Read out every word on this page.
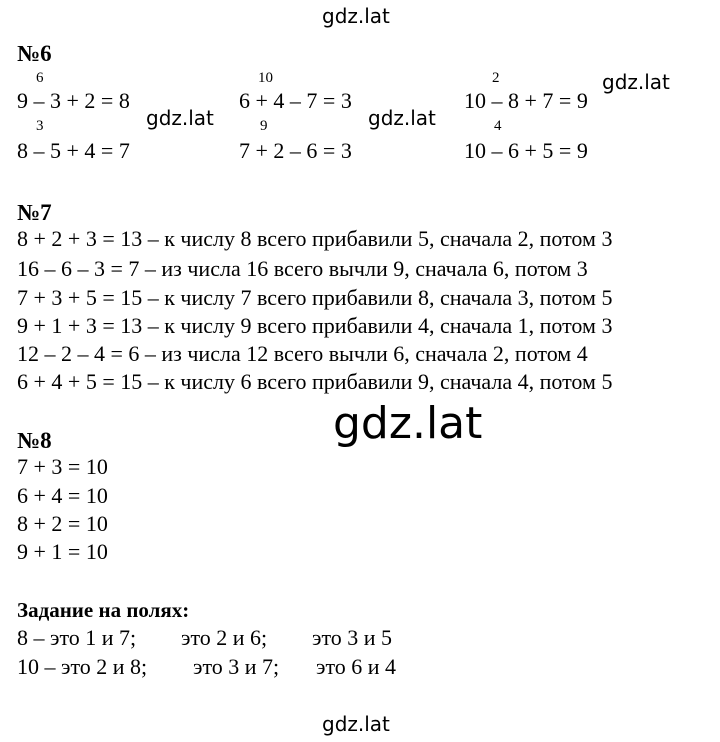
gdz.lat
gdz.lat
gdz.lat	gdz.lat
gdz.lat
gdz.lat
№6
6
9 – 3 + 2 = 8
10
6 + 4 – 7 = 3
2
10 – 8 + 7 = 9
3
8 – 5 + 4 = 7
9
7 + 2 – 6 = 3
4
10 – 6 + 5 = 9
№7
8 + 2 + 3 = 13 – к числу 8 всего прибавили 5, сначала 2, потом 3
16 – 6 – 3 = 7 – из числа 16 всего вычли 9, сначала 6, потом 3
7 + 3 + 5 = 15 – к числу 7 всего прибавили 8, сначала 3, потом 5
9 + 1 + 3 = 13 – к числу 9 всего прибавили 4, сначала 1, потом 3
12 – 2 – 4 = 6 – из числа 12 всего вычли 6, сначала 2, потом 4
6 + 4 + 5 = 15 – к числу 6 всего прибавили 9, сначала 4, потом 5
№8
7 + 3 = 10
6 + 4 = 10
8 + 2 = 10
9 + 1 = 10
Задание на полях:
8 – это 1 и 7; это 2 и 6; это 3 и 5
10 – это 2 и 8; это 3 и 7; это 6 и 4
